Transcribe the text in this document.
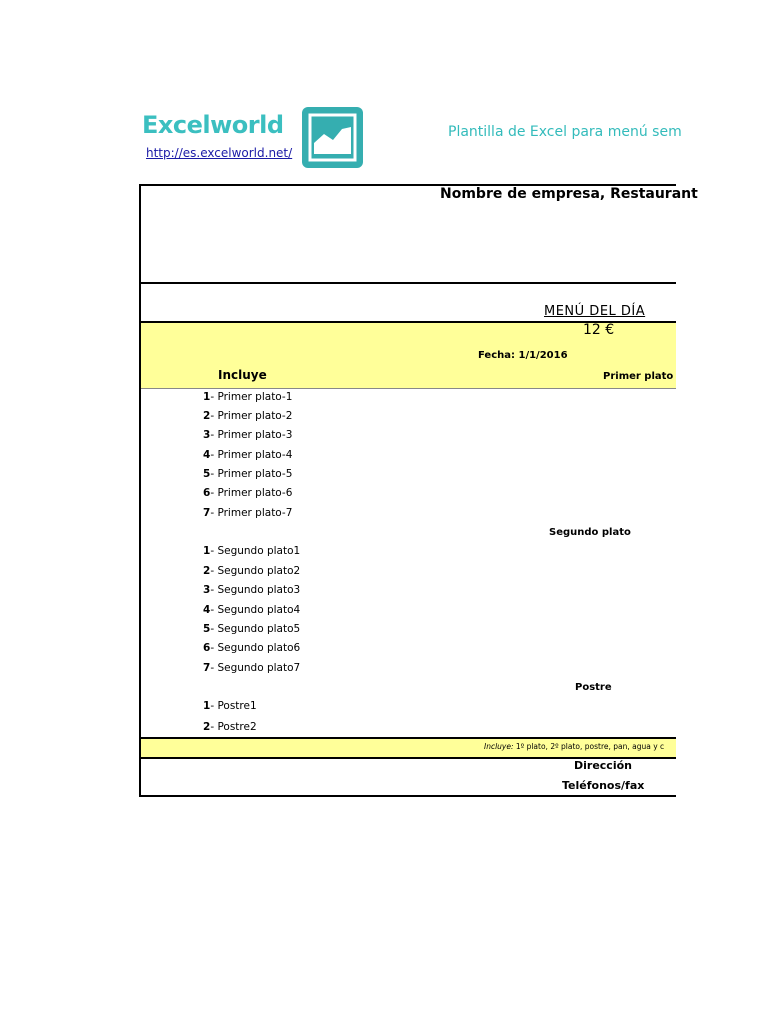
Excelworld
http://es.excelworld.net/
Plantilla de Excel para menú sem
Nombre de empresa, Restaurant
MENÚ DEL DÍA
12 €
Fecha: 1/1/2016
Incluye	Primer plato
Segundo plato
Postre
1- Primer plato-1
2- Primer plato-2
3- Primer plato-3
4- Primer plato-4
5- Primer plato-5
6- Primer plato-6
7- Primer plato-7
1- Segundo plato1
2- Segundo plato2
3- Segundo plato3
4- Segundo plato4
5- Segundo plato5
6- Segundo plato6
7- Segundo plato7
1- Postre1
2- Postre2
Incluye: 1º plato, 2º plato, postre, pan, agua y c
Dirección
Teléfonos/fax
